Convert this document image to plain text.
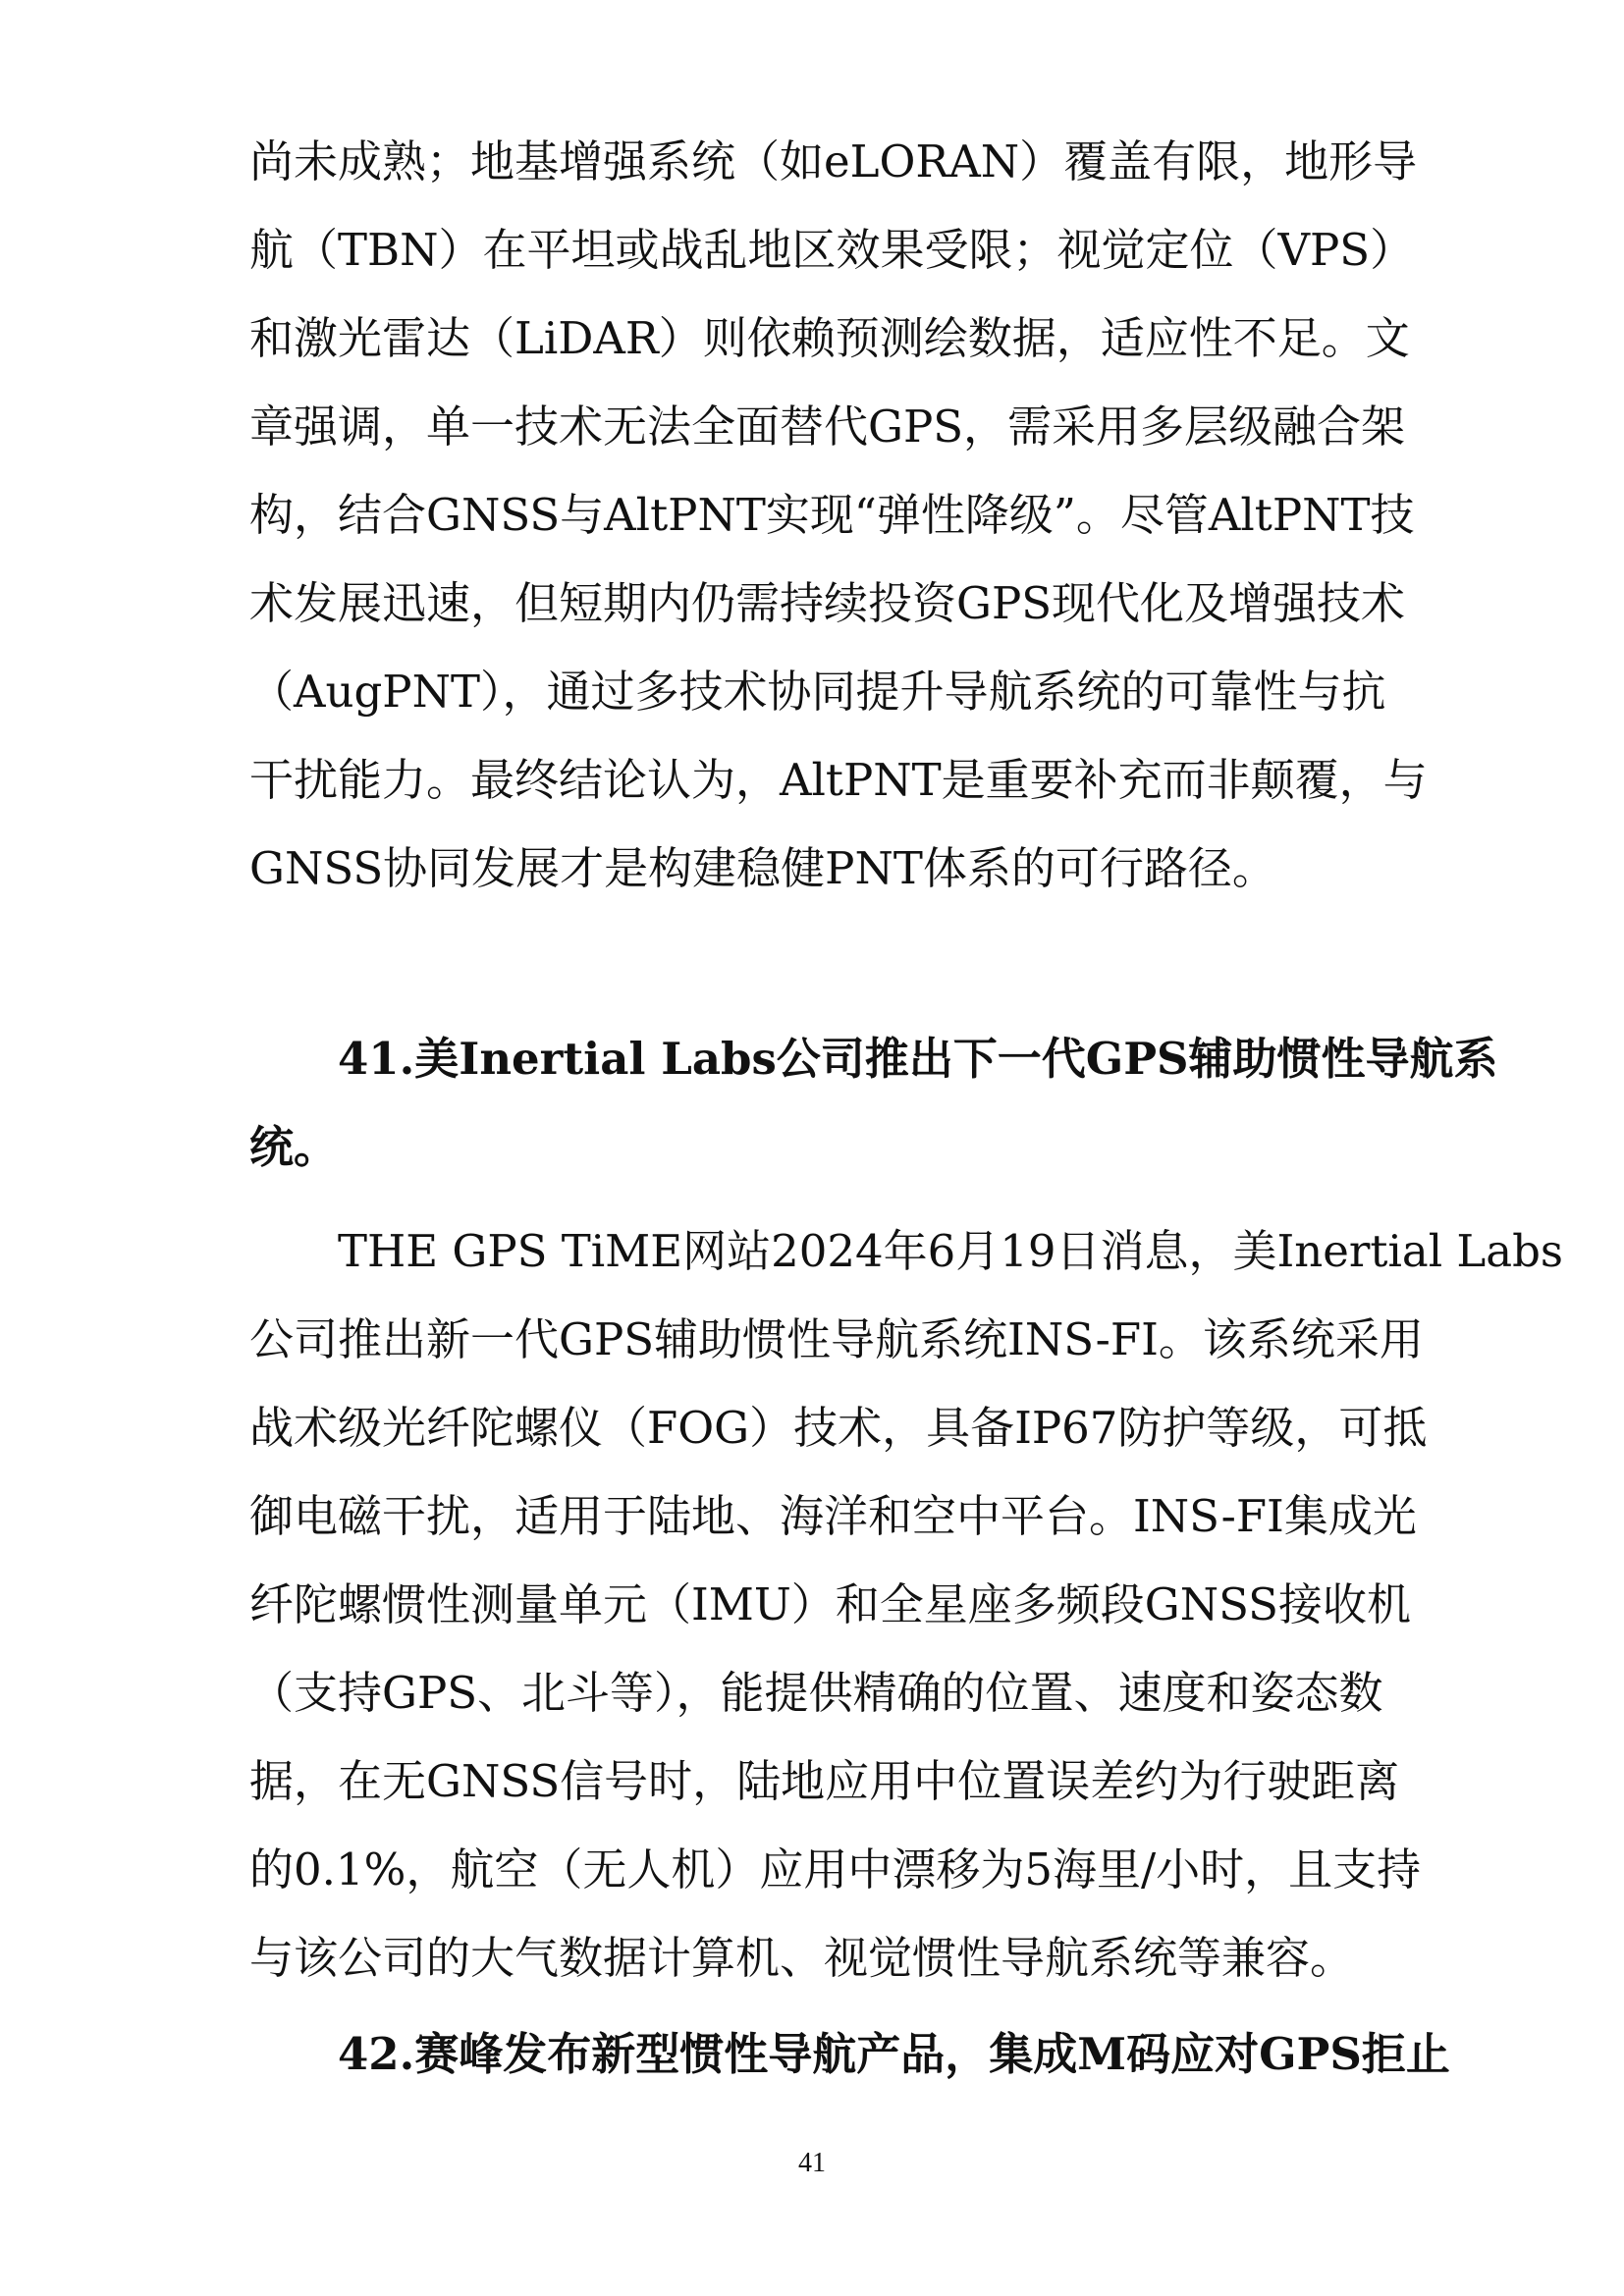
尚未成熟；地基增强系统（如eLORAN）覆盖有限，地形导
航（TBN）在平坦或战乱地区效果受限；视觉定位（VPS）
和激光雷达（LiDAR）则依赖预测绘数据，适应性不足。文
章强调，单一技术无法全面替代GPS，需采用多层级融合架
构，结合GNSS与AltPNT实现“弹性降级”。尽管AltPNT技
术发展迅速，但短期内仍需持续投资GPS现代化及增强技术
（AugPNT），通过多技术协同提升导航系统的可靠性与抗
干扰能力。最终结论认为，AltPNT是重要补充而非颠覆，与
GNSS协同发展才是构建稳健PNT体系的可行路径。
41.美Inertial Labs公司推出下一代GPS辅助惯性导航系
统。
THE GPS TiME网站2024年6月19日消息，美Inertial Labs
公司推出新一代GPS辅助惯性导航系统INS-FI。该系统采用
战术级光纤陀螺仪（FOG）技术，具备IP67防护等级，可抵
御电磁干扰，适用于陆地、海洋和空中平台。INS-FI集成光
纤陀螺惯性测量单元（IMU）和全星座多频段GNSS接收机
（支持GPS、北斗等），能提供精确的位置、速度和姿态数
据，在无GNSS信号时，陆地应用中位置误差约为行驶距离
的0.1%，航空（无人机）应用中漂移为5海里/小时，且支持
与该公司的大气数据计算机、视觉惯性导航系统等兼容。
42.赛峰发布新型惯性导航产品，集成M码应对GPS拒止
41
